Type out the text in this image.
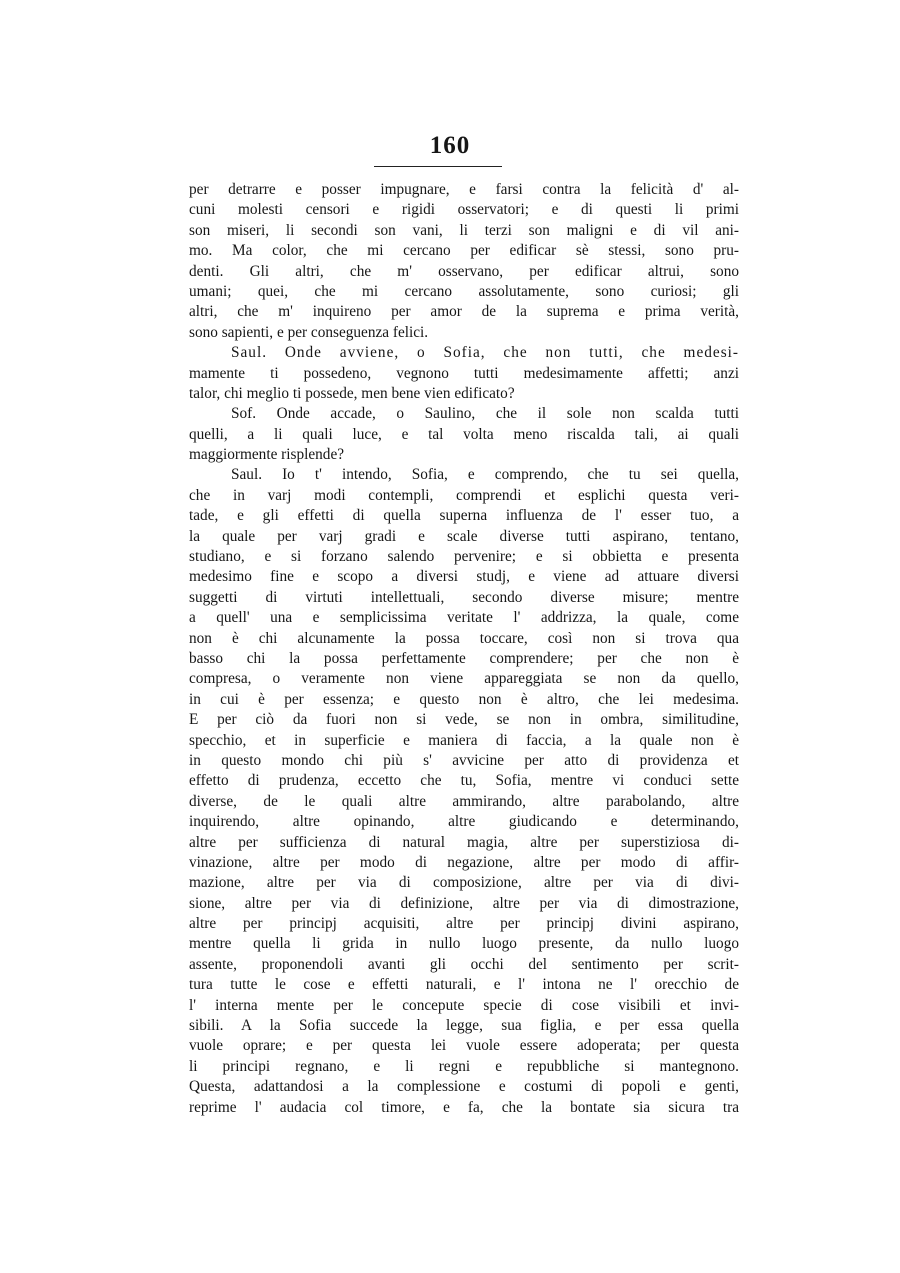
160
per detrarre e posser impugnare, e farsi contra la felicità d' al-
cuni molesti censori e rigidi osservatori; e di questi li primi
son miseri, li secondi son vani, li terzi son maligni e di vil ani-
mo. Ma color, che mi cercano per edificar sè stessi, sono pru-
denti. Gli altri, che m' osservano, per edificar altrui, sono
umani; quei, che mi cercano assolutamente, sono curiosi; gli
altri, che m' inquireno per amor de la suprema e prima verità,
sono sapienti, e per conseguenza felici.
Saul. Onde avviene, o Sofia, che non tutti, che medesi-
mamente ti possedeno, vegnono tutti medesimamente affetti; anzi
talor, chi meglio ti possede, men bene vien edificato?
Sof. Onde accade, o Saulino, che il sole non scalda tutti
quelli, a li quali luce, e tal volta meno riscalda tali, ai quali
maggiormente risplende?
Saul. Io t' intendo, Sofia, e comprendo, che tu sei quella,
che in varj modi contempli, comprendi et esplichi questa veri-
tade, e gli effetti di quella superna influenza de l' esser tuo, a
la quale per varj gradi e scale diverse tutti aspirano, tentano,
studiano, e si forzano salendo pervenire; e si obbietta e presenta
medesimo fine e scopo a diversi studj, e viene ad attuare diversi
suggetti di virtuti intellettuali, secondo diverse misure; mentre
a quell' una e semplicissima veritate l' addrizza, la quale, come
non è chi alcunamente la possa toccare, così non si trova qua
basso chi la possa perfettamente comprendere; per che non è
compresa, o veramente non viene appareggiata se non da quello,
in cui è per essenza; e questo non è altro, che lei medesima.
E per ciò da fuori non si vede, se non in ombra, similitudine,
specchio, et in superficie e maniera di faccia, a la quale non è
in questo mondo chi più s' avvicine per atto di providenza et
effetto di prudenza, eccetto che tu, Sofia, mentre vi conduci sette
diverse, de le quali altre ammirando, altre parabolando, altre
inquirendo, altre opinando, altre giudicando e determinando,
altre per sufficienza di natural magia, altre per superstiziosa di-
vinazione, altre per modo di negazione, altre per modo di affir-
mazione, altre per via di composizione, altre per via di divi-
sione, altre per via di definizione, altre per via di dimostrazione,
altre per principj acquisiti, altre per principj divini aspirano,
mentre quella li grida in nullo luogo presente, da nullo luogo
assente, proponendoli avanti gli occhi del sentimento per scrit-
tura tutte le cose e effetti naturali, e l' intona ne l' orecchio de
l' interna mente per le concepute specie di cose visibili et invi-
sibili. A la Sofia succede la legge, sua figlia, e per essa quella
vuole oprare; e per questa lei vuole essere adoperata; per questa
li principi regnano, e li regni e repubbliche si mantegnono.
Questa, adattandosi a la complessione e costumi di popoli e genti,
reprime l' audacia col timore, e fa, che la bontate sia sicura tra
